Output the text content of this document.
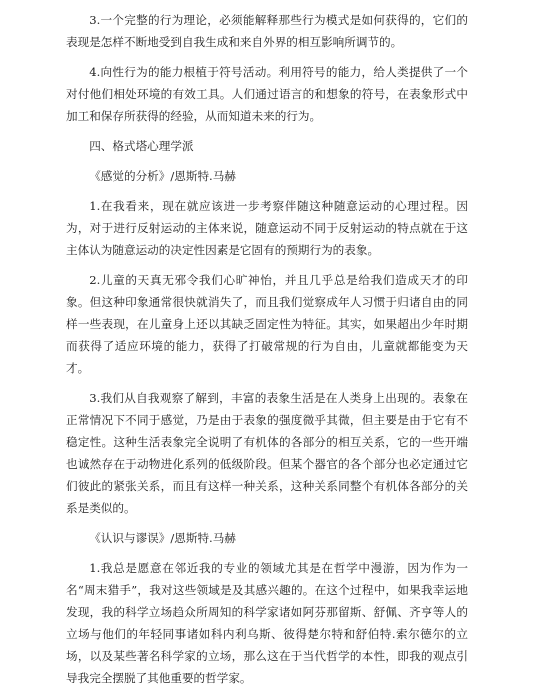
3.一个完整的行为理论，必须能解释那些行为模式是如何获得的，它们的表现是怎样不断地受到自我生成和来自外界的相互影响所调节的。

4.向性行为的能力根植于符号活动。利用符号的能力，给人类提供了一个对付他们相处环境的有效工具。人们通过语言的和想象的符号，在表象形式中加工和保存所获得的经验，从而知道未来的行为。

四、格式塔心理学派

《感觉的分析》/恩斯特.马赫

1.在我看来，现在就应该进一步考察伴随这种随意运动的心理过程。因为，对于进行反射运动的主体来说，随意运动不同于反射运动的特点就在于这主体认为随意运动的决定性因素是它固有的预期行为的表象。

2.儿童的天真无邪令我们心旷神怡，并且几乎总是给我们造成天才的印象。但这种印象通常很快就消失了，而且我们觉察成年人习惯于归诸自由的同样一些表现，在儿童身上还以其缺乏固定性为特征。其实，如果超出少年时期而获得了适应环境的能力，获得了打破常规的行为自由，儿童就都能变为天才。

3.我们从自我观察了解到，丰富的表象生活是在人类身上出现的。表象在正常情况下不同于感觉，乃是由于表象的强度微乎其微，但主要是由于它有不稳定性。这种生活表象完全说明了有机体的各部分的相互关系，它的一些开端也诚然存在于动物进化系列的低级阶段。但某个器官的各个部分也必定通过它们彼此的紧张关系，而且有这样一种关系，这种关系同整个有机体各部分的关系是类似的。

《认识与谬误》/恩斯特.马赫

1.我总是愿意在邻近我的专业的领域尤其是在哲学中漫游，因为作为一名“周末猎手”，我对这些领域是及其感兴趣的。在这个过程中，如果我幸运地发现，我的科学立场趋众所周知的科学家诸如阿芬那留斯、舒佩、齐亨等人的立场与他们的年轻同事诸如科内利乌斯、彼得楚尔特和舒伯特.索尔德尔的立场，以及某些著名科学家的立场，那么这在于当代哲学的本性，即我的观点引导我完全摆脱了其他重要的哲学家。
